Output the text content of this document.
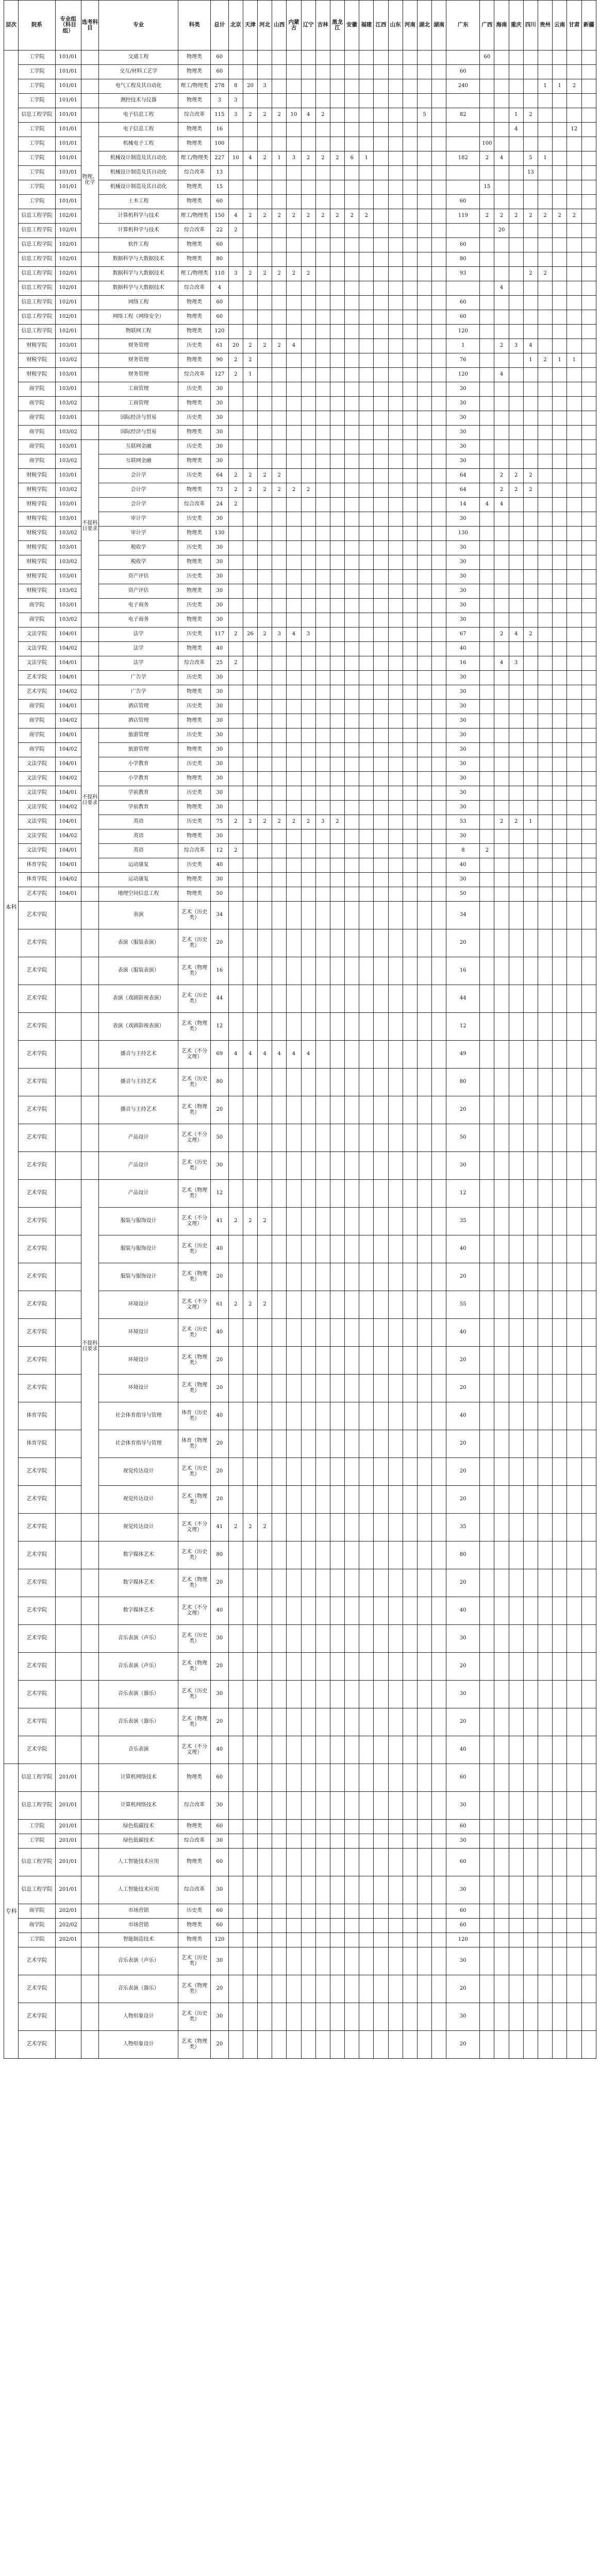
层次	院系	专业组（科目组）	选考科目	专业	科类	总计	北京	天津	河北	山西	内蒙古	辽宁	吉林	黑龙江	安徽	福建	江西	山东	河南	湖北	湖南	广东	广西	海南	重庆	四川	贵州	云南	甘肃	新疆
本科	工学院	101/01		交通工程	物理类	60																	60							
	工学院	101/01		交互/材料工艺学	物理类	60																60								
	工学院	101/01		电气工程及其自动化	理工/物理类	278	8	20	3													240					1	1	2	
	工学院	101/01		测控技术与仪器	物理类	3	3																							
	信息工程学院	101/01		电子信息工程	综合改革	115	3	2	2	2	10	4	2							5		82			1	2				
	工学院	101/01	物理、化学	电子信息工程	物理类	16																			4				12	
	工学院	101/01		机械电子工程	物理类	100																	100							
	工学院	101/01		机械设计制造及其自动化	理工/物理类	227	10	4	2	1	3	2	2	2	6	1						182	2	4		5	1			
	工学院	101/01		机械设计制造及其自动化	综合改革	13																				13				
	工学院	101/01		机械设计制造及其自动化	物理类	15																	15							
	工学院	101/01		土木工程	物理类	60																60								
	信息工程学院	102/01		计算机科学与技术	理工/物理类	150	4	2	2	2	2	2	2	2	2	2						119	2	2	2	2	2	2	2	
	信息工程学院	102/01		计算机科学与技术	综合改革	22	2																	20						
	信息工程学院	102/01		软件工程	物理类	60																60								
	信息工程学院	102/01		数据科学与大数据技术	物理类	80																80								
	信息工程学院	102/01		数据科学与大数据技术	理工/物理类	110	3	2	2	2	2	2										93				2	2			
	信息工程学院	102/01		数据科学与大数据技术	综合改革	4																		4						
	信息工程学院	102/01		网络工程	物理类	60																60								
	信息工程学院	102/01		网络工程（网络安全）	物理类	60																60								
	信息工程学院	102/01		物联网工程	物理类	120																120								
	财税学院	103/01		财务管理	历史类	61	20	2	2	2	4											1		2	3	4				
	财税学院	103/02		财务管理	物理类	90	2	2														76				1	2	1	1	
	财税学院	103/01		财务管理	综合改革	127	2	1														120		4						
	商学院	103/01		工商管理	历史类	30																30								
	商学院	103/02		工商管理	物理类	30																30								
	商学院	103/01		国际经济与贸易	历史类	30																30								
	商学院	103/02		国际经济与贸易	物理类	30																30								
	商学院	103/01	不提科目要求	互联网金融	历史类	30																30								
	商学院	103/02		互联网金融	物理类	30																30								
	财税学院	103/01		会计学	历史类	64	2	2	2	2												64		2	2	2				
	财税学院	103/02		会计学	物理类	73	2	2	2	2	2	2										64		2	2	2				
	财税学院	103/01		会计学	综合改革	24	2															14	4	4						
	财税学院	103/01		审计学	历史类	30																30								
	财税学院	103/02		审计学	物理类	130																130								
	财税学院	103/01		税收学	历史类	30																30								
	财税学院	103/02		税收学	物理类	30																30								
	财税学院	103/01		资产评估	历史类	30																30								
	财税学院	103/02		资产评估	物理类	30																30								
	商学院	103/01		电子商务	历史类	30																30								
	商学院	103/02		电子商务	物理类	30																30								
	文法学院	104/01		法学	历史类	117	2	26	2	3	4	3										67		2	4	2				
	文法学院	104/02		法学	物理类	40																40								
	文法学院	104/01		法学	综合改革	25	2															16		4	3					
	艺术学院	104/01		广告学	历史类	30																30								
	艺术学院	104/02		广告学	物理类	30																30								
	商学院	104/01		酒店管理	历史类	30																30								
	商学院	104/02		酒店管理	物理类	30																30								
	商学院	104/01	不提科目要求	旅游管理	历史类	30																30								
	商学院	104/02		旅游管理	物理类	30																30								
	文法学院	104/01		小学教育	历史类	30																30								
	文法学院	104/02		小学教育	物理类	30																30								
	文法学院	104/01		学前教育	历史类	30																30								
	文法学院	104/02		学前教育	物理类	30																30								
	文法学院	104/01		英语	历史类	75	2	2	2	2	2	2	3	2								53		2	2	1				
	文法学院	104/02		英语	物理类	30																30								
	文法学院	104/01		英语	综合改革	12	2															8	2							
	体育学院	104/01		运动康复	历史类	40																40								
	体育学院	104/02		运动康复	物理类	30																30								
	艺术学院	104/01		地理空间信息工程	物理类	50																50								
	艺术学院			表演	艺术（历史类）	34																34								
	艺术学院			表演（服装表演）	艺术（历史类）	20																20								
	艺术学院			表演（服装表演）	艺术（物理类）	16																16								
	艺术学院			表演（戏剧影视表演）	艺术（历史类）	44																44								
	艺术学院			表演（戏剧影视表演）	艺术（物理类）	12																12								
	艺术学院			播音与主持艺术	艺术（不分文理）	69	4	4	4	4	4	4										49								
	艺术学院			播音与主持艺术	艺术（历史类）	80																80								
	艺术学院			播音与主持艺术	艺术（物理类）	20																20								
	艺术学院			产品设计	艺术（不分文理）	50																50								
	艺术学院			产品设计	艺术（历史类）	30																30								
	艺术学院		不提科目要求	产品设计	艺术（物理类）	12																12								
	艺术学院			服装与服饰设计	艺术（不分文理）	41	2	2	2													35								
	艺术学院			服装与服饰设计	艺术（历史类）	40																40								
	艺术学院			服装与服饰设计	艺术（物理类）	20																20								
	艺术学院			环境设计	艺术（不分文理）	61	2	2	2													55								
	艺术学院			环境设计	艺术（历史类）	40																40								
	艺术学院			环境设计	艺术（物理类）	20																20								
	艺术学院			环境设计	艺术（物理类）	20																20								
	体育学院			社会体育指导与管理	体育（历史类）	40																40								
	体育学院			社会体育指导与管理	体育（物理类）	20																20								
	艺术学院			视觉传达设计	艺术（历史类）	20																20								
	艺术学院			视觉传达设计	艺术（物理类）	20																20								
	艺术学院			视觉传达设计	艺术（不分文理）	41	2	2	2													35								
	艺术学院			数字媒体艺术	艺术（历史类）	80																80								
	艺术学院			数字媒体艺术	艺术（物理类）	20																20								
	艺术学院			数字媒体艺术	艺术（不分文理）	40																40								
	艺术学院			音乐表演（声乐）	艺术（历史类）	30																30								
	艺术学院			音乐表演（声乐）	艺术（物理类）	20																20								
	艺术学院			音乐表演（器乐）	艺术（历史类）	30																30								
	艺术学院			音乐表演（器乐）	艺术（物理类）	20																20								
	艺术学院			音乐表演	艺术（不分文理）	40																40								
专科	信息工程学院	201/01		计算机网络技术	物理类	60																60								
	信息工程学院	201/01		计算机网络技术	综合改革	30																30								
	工学院	201/01		绿色低碳技术	物理类	60																60								
	工学院	201/01		绿色低碳技术	综合改革	30																30								
	信息工程学院	201/01		人工智能技术应用	物理类	60																60								
	信息工程学院	201/01		人工智能技术应用	综合改革	30																30								
	商学院	202/01		市场营销	历史类	60																60								
	商学院	202/02		市场营销	物理类	60																60								
	工学院	202/01		智能制造技术	物理类	120																120								
	艺术学院			音乐表演（声乐）	艺术（历史类）	30																30								
	艺术学院			音乐表演（器乐）	艺术（物理类）	20																20								
	艺术学院			人物形象设计	艺术（历史类）	30																30								
	艺术学院			人物形象设计	艺术（物理类）	20																20								
